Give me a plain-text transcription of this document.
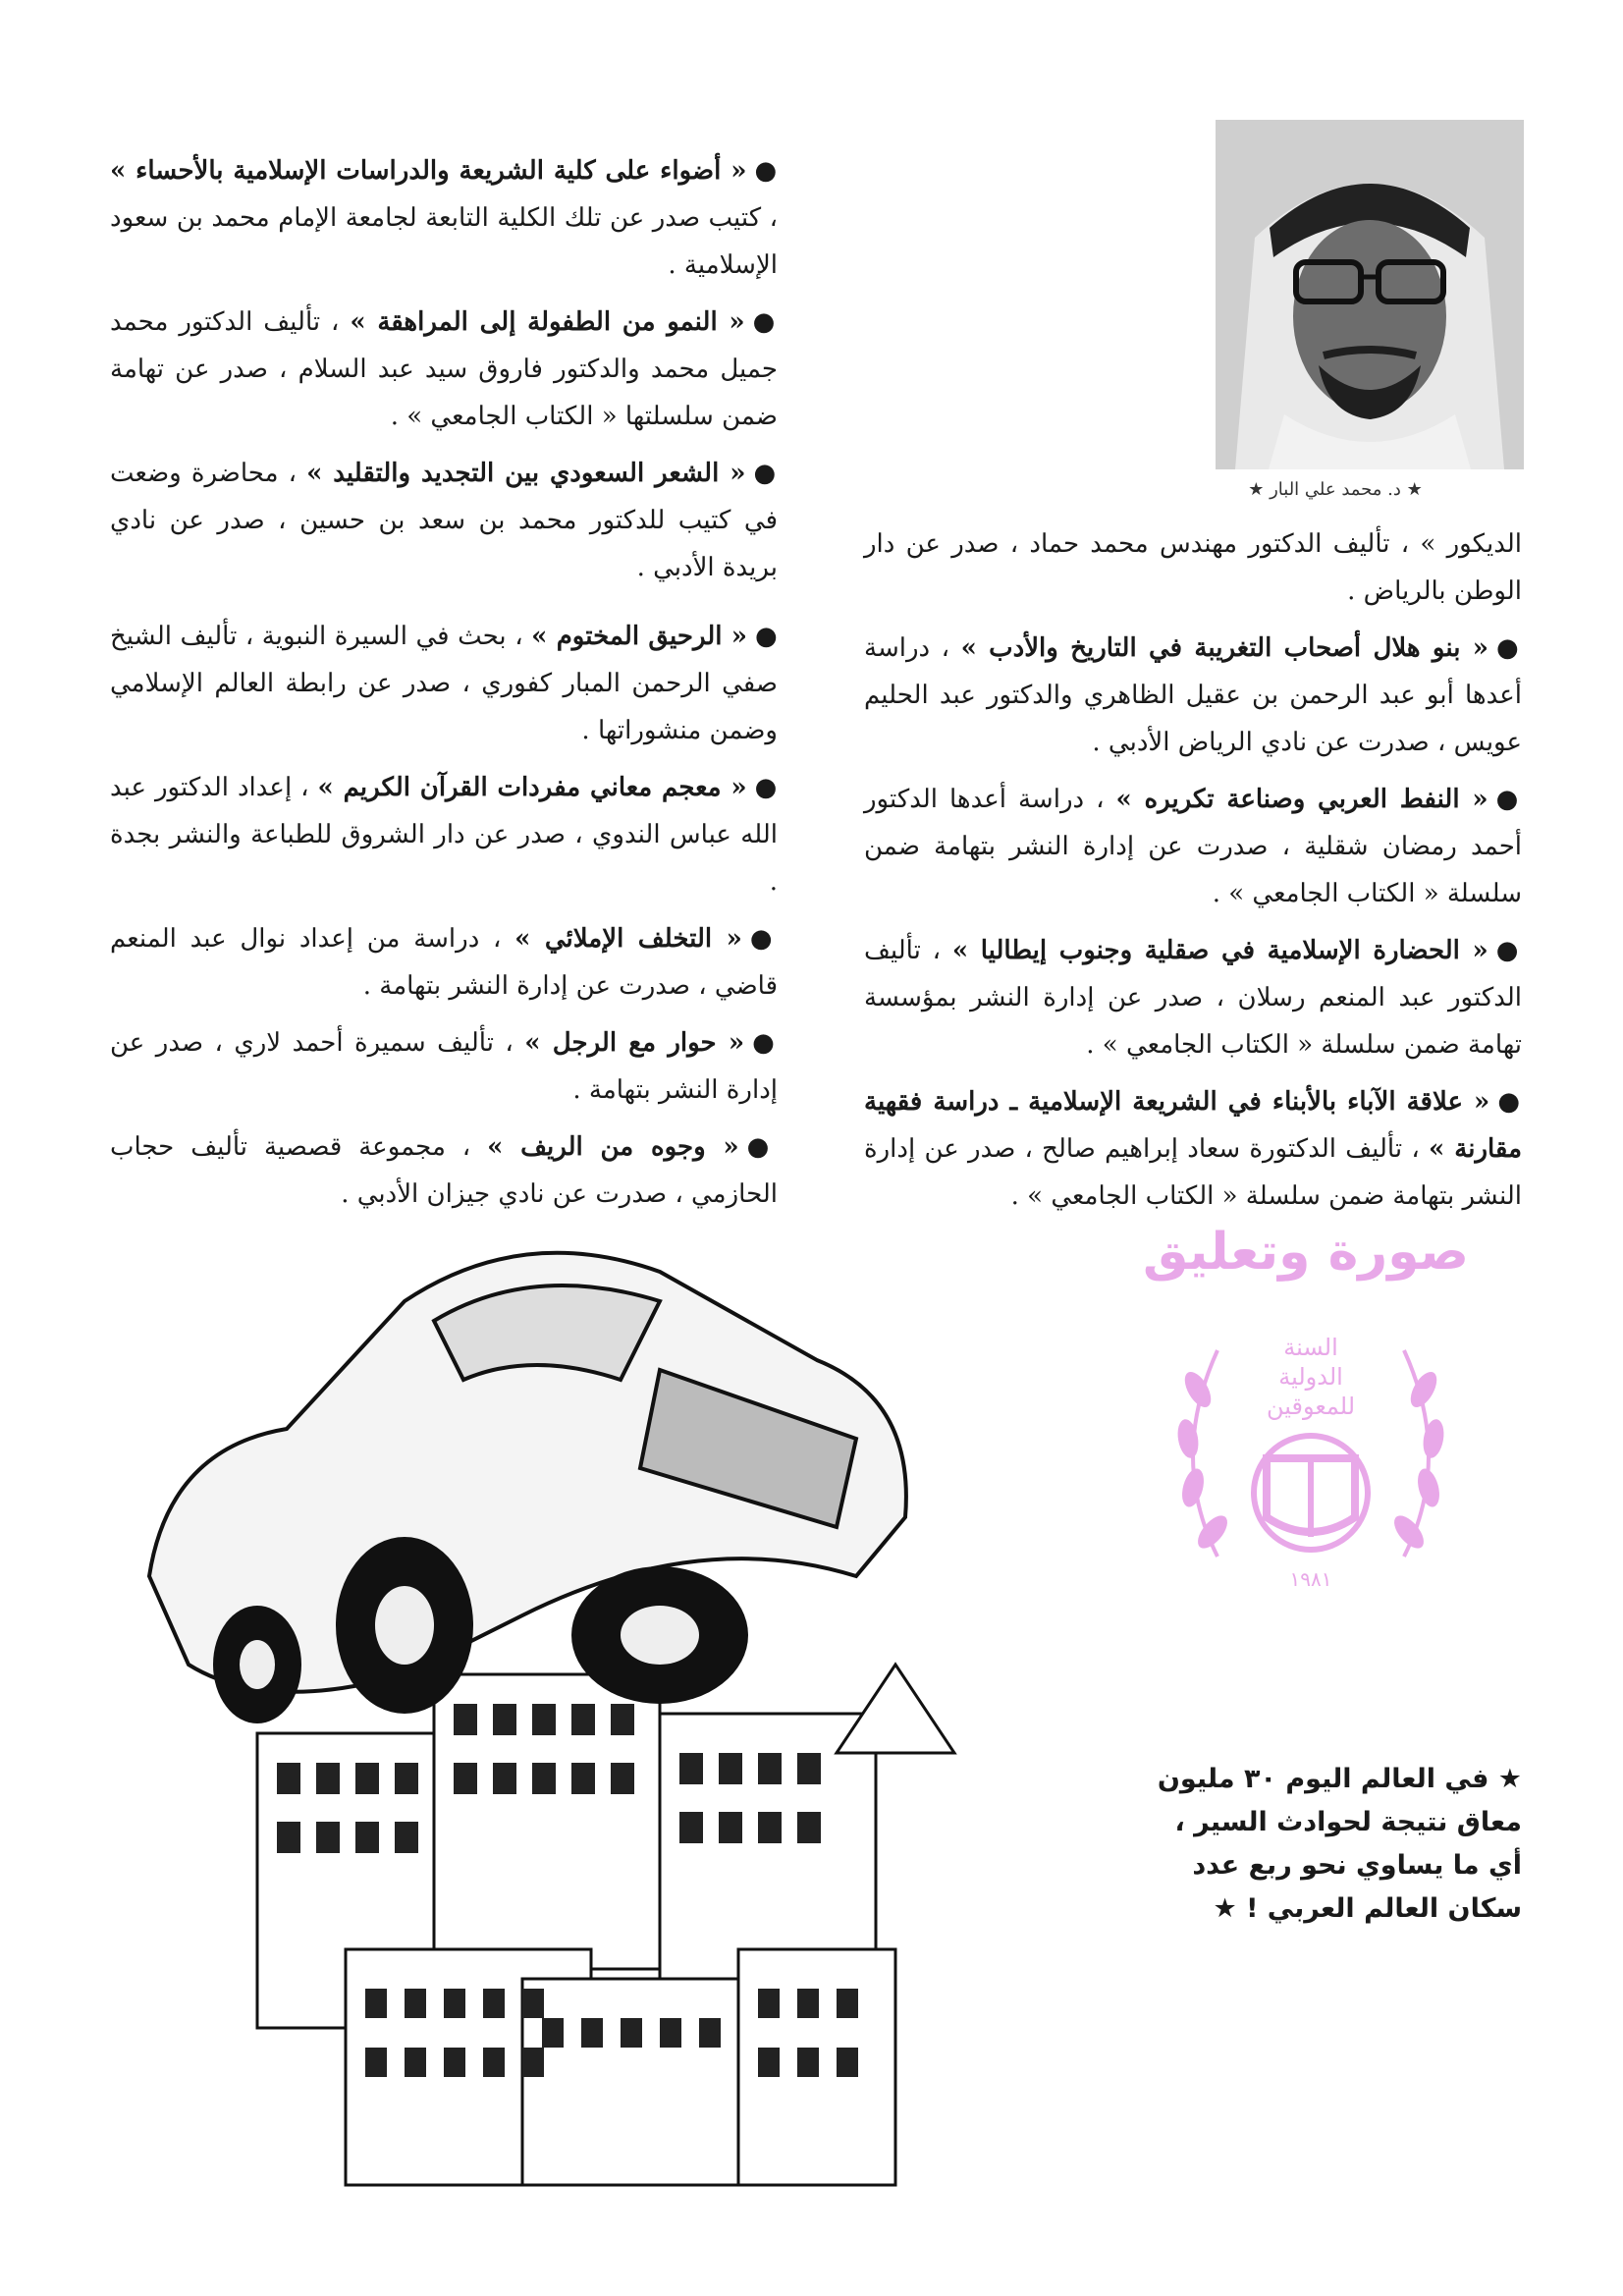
●« أضواء على كلية الشريعة والدراسات الإسلامية بالأحساء » ، كتيب صدر عن تلك الكلية التابعة لجامعة الإمام محمد بن سعود الإسلامية .

●« النمو من الطفولة إلى المراهقة » ، تأليف الدكتور محمد جميل محمد والدكتور فاروق سيد عبد السلام ، صدر عن تهامة ضمن سلسلتها « الكتاب الجامعي » .

●« الشعر السعودي بين التجديد والتقليد » ، محاضرة وضعت في كتيب للدكتور محمد بن سعد بن حسين ، صدر عن نادي بريدة الأدبي .

●« الرحيق المختوم » ، بحث في السيرة النبوية ، تأليف الشيخ صفي الرحمن المبار كفوري ، صدر عن رابطة العالم الإسلامي وضمن منشوراتها .

●« معجم معاني مفردات القرآن الكريم » ، إعداد الدكتور عبد الله عباس الندوي ، صدر عن دار الشروق للطباعة والنشر بجدة .

●« التخلف الإملائي » ، دراسة من إعداد نوال عبد المنعم قاضي ، صدرت عن إدارة النشر بتهامة .

●« حوار مع الرجل » ، تأليف سميرة أحمد لاري ، صدر عن إدارة النشر بتهامة .

●« وجوه من الريف » ، مجموعة قصصية تأليف حجاب الحازمي ، صدرت عن نادي جيزان الأدبي .

★ د. محمد علي البار ★

الديكور » ، تأليف الدكتور مهندس محمد حماد ، صدر عن دار الوطن بالرياض .

●« بنو هلال أصحاب التغريبة في التاريخ والأدب » ، دراسة أعدها أبو عبد الرحمن بن عقيل الظاهري والدكتور عبد الحليم عويس ، صدرت عن نادي الرياض الأدبي .

●« النفط العربي وصناعة تكريره » ، دراسة أعدها الدكتور أحمد رمضان شقلية ، صدرت عن إدارة النشر بتهامة ضمن سلسلة « الكتاب الجامعي » .

●« الحضارة الإسلامية في صقلية وجنوب إيطاليا » ، تأليف الدكتور عبد المنعم رسلان ، صدر عن إدارة النشر بمؤسسة تهامة ضمن سلسلة « الكتاب الجامعي » .

●« علاقة الآباء بالأبناء في الشريعة الإسلامية ـ دراسة فقهية مقارنة » ، تأليف الدكتورة سعاد إبراهيم صالح ، صدر عن إدارة النشر بتهامة ضمن سلسلة « الكتاب الجامعي » .

صورة وتعليق
السنة
الدولية
للمعوقين
١٩٨١
★ في العالم اليوم ٣٠ مليون معاق نتيجة لحوادث السير ، أي ما يساوي نحو ربع عدد سكان العالم العربي ! ★
